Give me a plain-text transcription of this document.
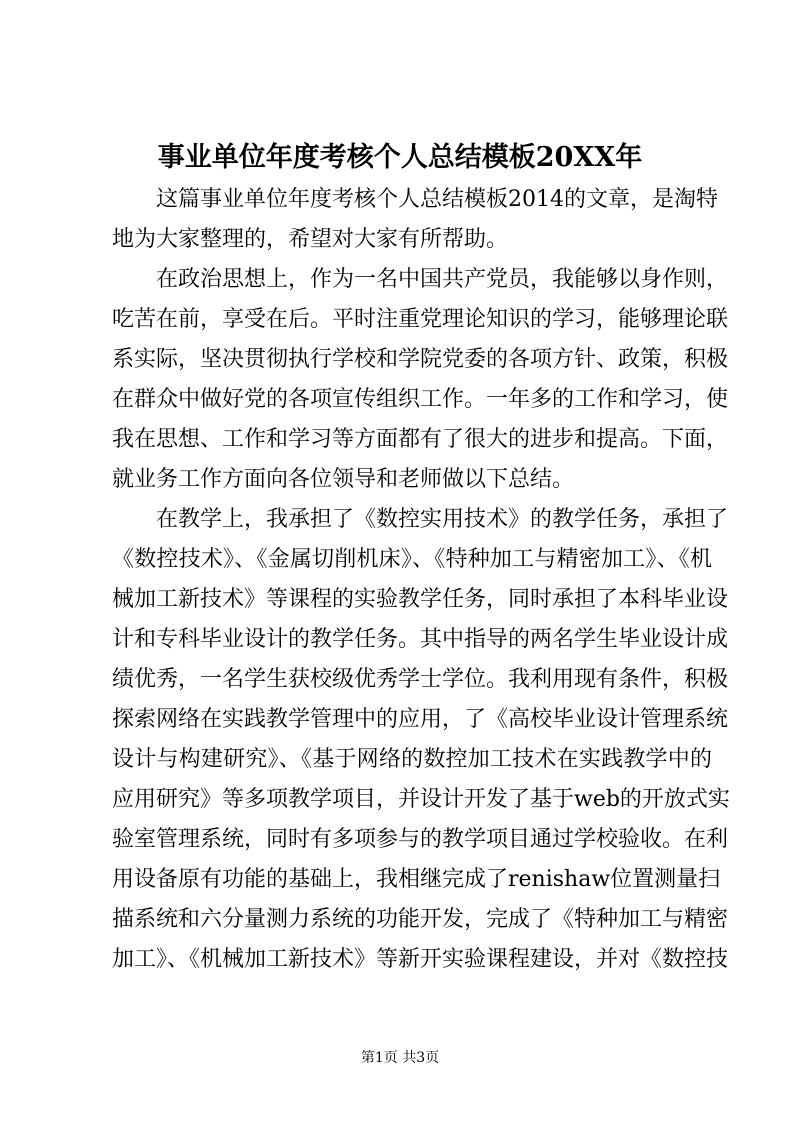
事业单位年度考核个人总结模板20XX年
这篇事业单位年度考核个人总结模板2014的文章，是淘特
地为大家整理的，希望对大家有所帮助。
在政治思想上，作为一名中国共产党员，我能够以身作则，
吃苦在前，享受在后。平时注重党理论知识的学习，能够理论联
系实际，坚决贯彻执行学校和学院党委的各项方针、政策，积极
在群众中做好党的各项宣传组织工作。一年多的工作和学习，使
我在思想、工作和学习等方面都有了很大的进步和提高。下面，
就业务工作方面向各位领导和老师做以下总结。
在教学上，我承担了《数控实用技术》的教学任务，承担了
《数控技术》、《金属切削机床》、《特种加工与精密加工》、《机
械加工新技术》等课程的实验教学任务，同时承担了本科毕业设
计和专科毕业设计的教学任务。其中指导的两名学生毕业设计成
绩优秀，一名学生获校级优秀学士学位。我利用现有条件，积极
探索网络在实践教学管理中的应用，了《高校毕业设计管理系统
设计与构建研究》、《基于网络的数控加工技术在实践教学中的
应用研究》等多项教学项目，并设计开发了基于web的开放式实
验室管理系统，同时有多项参与的教学项目通过学校验收。在利
用设备原有功能的基础上，我相继完成了renishaw位置测量扫
描系统和六分量测力系统的功能开发，完成了《特种加工与精密
加工》、《机械加工新技术》等新开实验课程建设，并对《数控技
第1页 共3页
